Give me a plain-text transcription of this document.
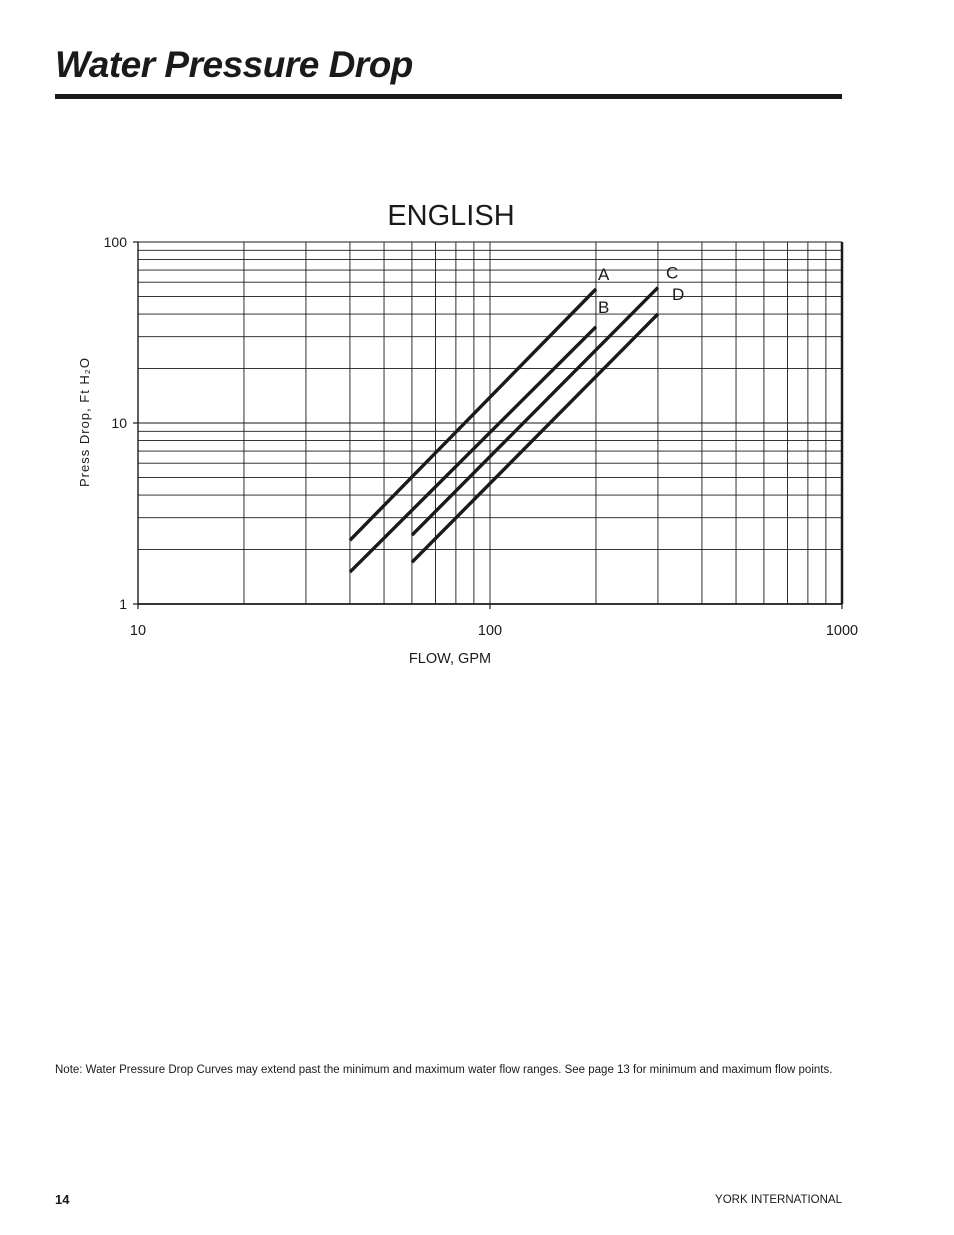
Water Pressure Drop
ENGLISH
A
B
C
D
10	100	1000
1
10
100
FLOW, GPM
Press Drop, Ft H₂O
Note: Water Pressure Drop Curves may extend past the minimum and maximum water flow ranges. See page 13 for minimum and maximum flow points.
14	YORK INTERNATIONAL
